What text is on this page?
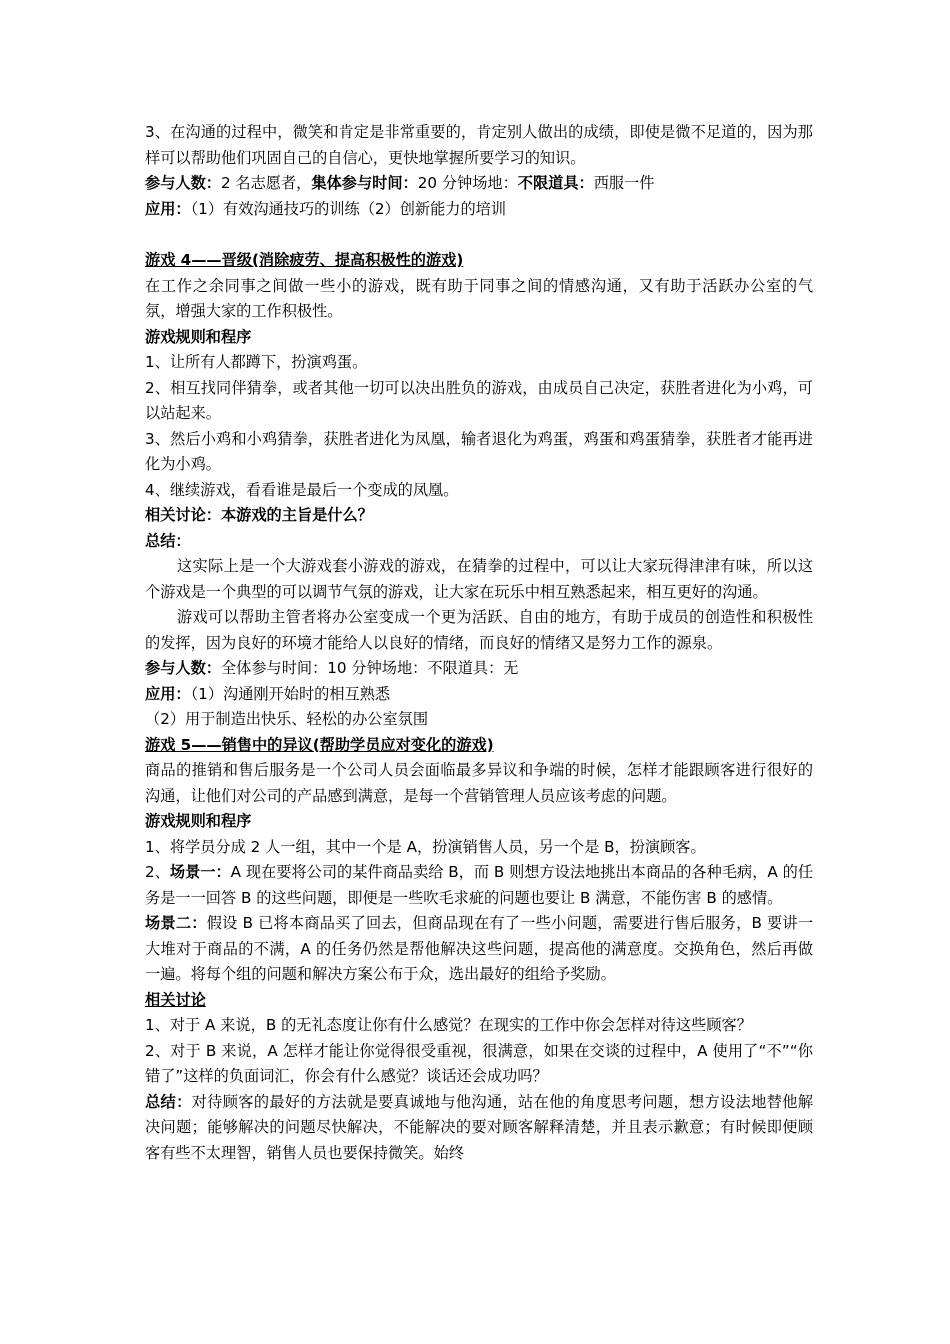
3、在沟通的过程中，微笑和肯定是非常重要的，肯定别人做出的成绩，即使是微不足道的，因为那样可以帮助他们巩固自己的自信心，更快地掌握所要学习的知识。

参与人数：2 名志愿者，集体参与时间：20 分钟场地：不限道具：西服一件

应用：（1）有效沟通技巧的训练（2）创新能力的培训

游戏 4——晋级(消除疲劳、提高积极性的游戏)

在工作之余同事之间做一些小的游戏，既有助于同事之间的情感沟通，又有助于活跃办公室的气氛，增强大家的工作积极性。

游戏规则和程序

1、让所有人都蹲下，扮演鸡蛋。

2、相互找同伴猜拳，或者其他一切可以决出胜负的游戏，由成员自己决定，获胜者进化为小鸡，可以站起来。

3、然后小鸡和小鸡猜拳，获胜者进化为凤凰，输者退化为鸡蛋，鸡蛋和鸡蛋猜拳，获胜者才能再进化为小鸡。

4、继续游戏，看看谁是最后一个变成的凤凰。

相关讨论：本游戏的主旨是什么？

总结：

这实际上是一个大游戏套小游戏的游戏，在猜拳的过程中，可以让大家玩得津津有味，所以这个游戏是一个典型的可以调节气氛的游戏，让大家在玩乐中相互熟悉起来，相互更好的沟通。

游戏可以帮助主管者将办公室变成一个更为活跃、自由的地方，有助于成员的创造性和积极性的发挥，因为良好的环境才能给人以良好的情绪，而良好的情绪又是努力工作的源泉。

参与人数：全体参与时间：10 分钟场地：不限道具：无

应用：（1）沟通刚开始时的相互熟悉

（2）用于制造出快乐、轻松的办公室氛围

游戏 5——销售中的异议(帮助学员应对变化的游戏)

商品的推销和售后服务是一个公司人员会面临最多异议和争端的时候，怎样才能跟顾客进行很好的沟通，让他们对公司的产品感到满意，是每一个营销管理人员应该考虑的问题。

游戏规则和程序

1、将学员分成 2 人一组，其中一个是 A，扮演销售人员，另一个是 B，扮演顾客。

2、场景一：A 现在要将公司的某件商品卖给 B，而 B 则想方设法地挑出本商品的各种毛病，A 的任务是一一回答 B 的这些问题，即便是一些吹毛求疵的问题也要让 B 满意，不能伤害 B 的感情。

场景二：假设 B 已将本商品买了回去，但商品现在有了一些小问题，需要进行售后服务，B 要讲一大堆对于商品的不满，A 的任务仍然是帮他解决这些问题，提高他的满意度。交换角色，然后再做一遍。将每个组的问题和解决方案公布于众，选出最好的组给予奖励。

相关讨论

1、对于 A 来说，B 的无礼态度让你有什么感觉？在现实的工作中你会怎样对待这些顾客？

2、对于 B 来说，A 怎样才能让你觉得很受重视，很满意，如果在交谈的过程中，A 使用了“不”“你错了”这样的负面词汇，你会有什么感觉？谈话还会成功吗？

总结：对待顾客的最好的方法就是要真诚地与他沟通，站在他的角度思考问题，想方设法地替他解决问题；能够解决的问题尽快解决，不能解决的要对顾客解释清楚，并且表示歉意；有时候即便顾客有些不太理智，销售人员也要保持微笑。始终
